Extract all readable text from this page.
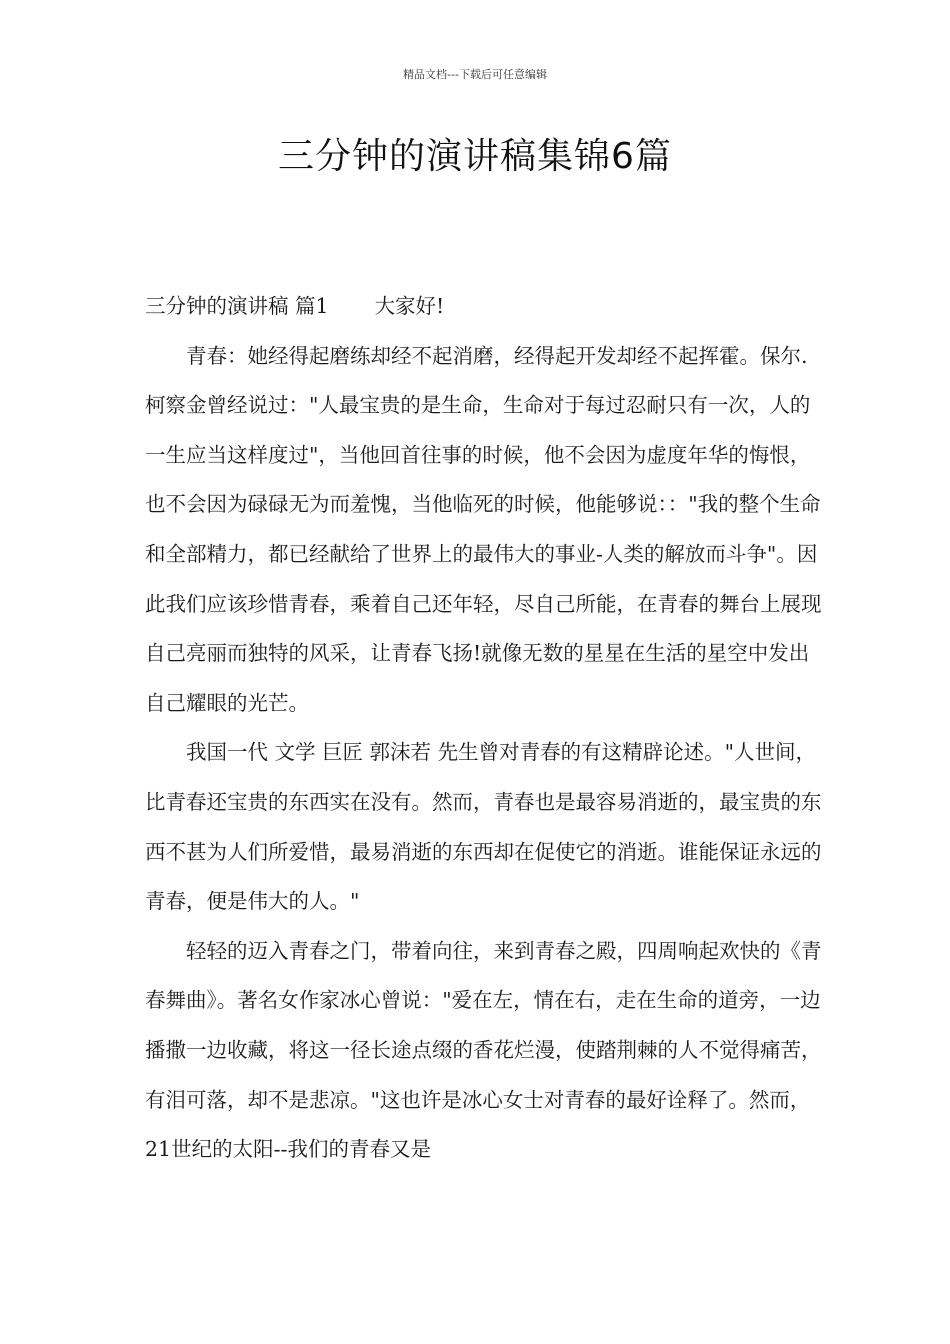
精品文档---下载后可任意编辑
三分钟的演讲稿集锦6篇

三分钟的演讲稿 篇1 大家好!

青春：她经得起磨练却经不起消磨，经得起开发却经不起挥霍。保尔.柯察金曾经说过："人最宝贵的是生命，生命对于每过忍耐只有一次，人的一生应当这样度过"，当他回首往事的时候，他不会因为虚度年华的悔恨，也不会因为碌碌无为而羞愧，当他临死的时候，他能够说：："我的整个生命和全部精力，都已经献给了世界上的最伟大的事业-人类的解放而斗争"。因此我们应该珍惜青春，乘着自己还年轻，尽自己所能，在青春的舞台上展现自己亮丽而独特的风采，让青春飞扬!就像无数的星星在生活的星空中发出自己耀眼的光芒。

我国一代 文学 巨匠 郭沫若 先生曾对青春的有这精辟论述。"人世间，比青春还宝贵的东西实在没有。然而，青春也是最容易消逝的，最宝贵的东西不甚为人们所爱惜，最易消逝的东西却在促使它的消逝。谁能保证永远的青春，便是伟大的人。"

轻轻的迈入青春之门，带着向往，来到青春之殿，四周响起欢快的《青春舞曲》。著名女作家冰心曾说："爱在左，情在右，走在生命的道旁，一边播撒一边收藏，将这一径长途点缀的香花烂漫，使踏荆棘的人不觉得痛苦，有泪可落，却不是悲凉。"这也许是冰心女士对青春的最好诠释了。然而，21世纪的太阳--我们的青春又是
